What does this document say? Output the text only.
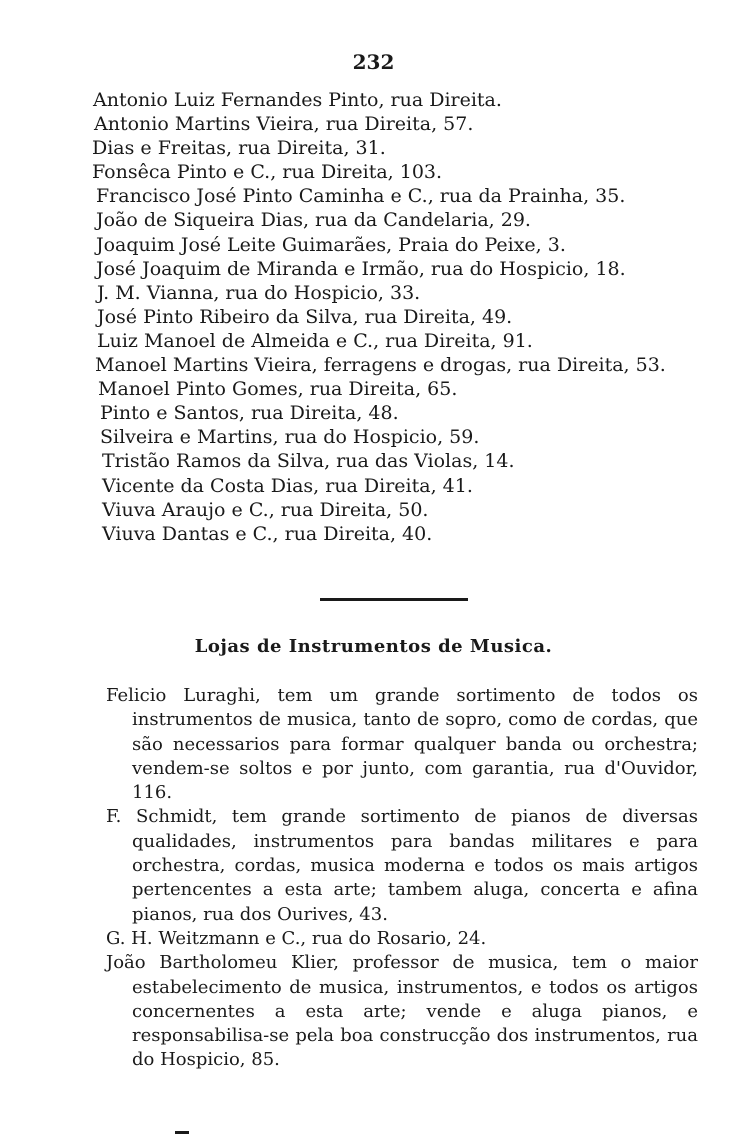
232
Antonio Luiz Fernandes Pinto, rua Direita.
Antonio Martins Vieira, rua Direita, 57.
Dias e Freitas, rua Direita, 31.
Fonsêca Pinto e C., rua Direita, 103.
Francisco José Pinto Caminha e C., rua da Prainha, 35.
João de Siqueira Dias, rua da Candelaria, 29.
Joaquim José Leite Guimarães, Praia do Peixe, 3.
José Joaquim de Miranda e Irmão, rua do Hospicio, 18.
J. M. Vianna, rua do Hospicio, 33.
José Pinto Ribeiro da Silva, rua Direita, 49.
Luiz Manoel de Almeida e C., rua Direita, 91.
Manoel Martins Vieira, ferragens e drogas, rua Direita, 53.
Manoel Pinto Gomes, rua Direita, 65.
Pinto e Santos, rua Direita, 48.
Silveira e Martins, rua do Hospicio, 59.
Tristão Ramos da Silva, rua das Violas, 14.
Vicente da Costa Dias, rua Direita, 41.
Viuva Araujo e C., rua Direita, 50.
Viuva Dantas e C., rua Direita, 40.
Lojas de Instrumentos de Musica.

Felicio Luraghi, tem um grande sortimento de todos os instrumentos de musica, tanto de sopro, como de cordas, que são necessarios para formar qualquer banda ou orchestra; vendem-se soltos e por junto, com garantia, rua d'Ouvidor, 116.

F. Schmidt, tem grande sortimento de pianos de diversas qualidades, instrumentos para bandas militares e para orchestra, cordas, musica moderna e todos os mais artigos pertencentes a esta arte; tambem aluga, concerta e afina pianos, rua dos Ourives, 43.

G. H. Weitzmann e C., rua do Rosario, 24.

João Bartholomeu Klier, professor de musica, tem o maior estabelecimento de musica, instrumentos, e todos os artigos concernentes a esta arte; vende e aluga pianos, e responsabilisa-se pela boa construcção dos instrumentos, rua do Hospicio, 85.
